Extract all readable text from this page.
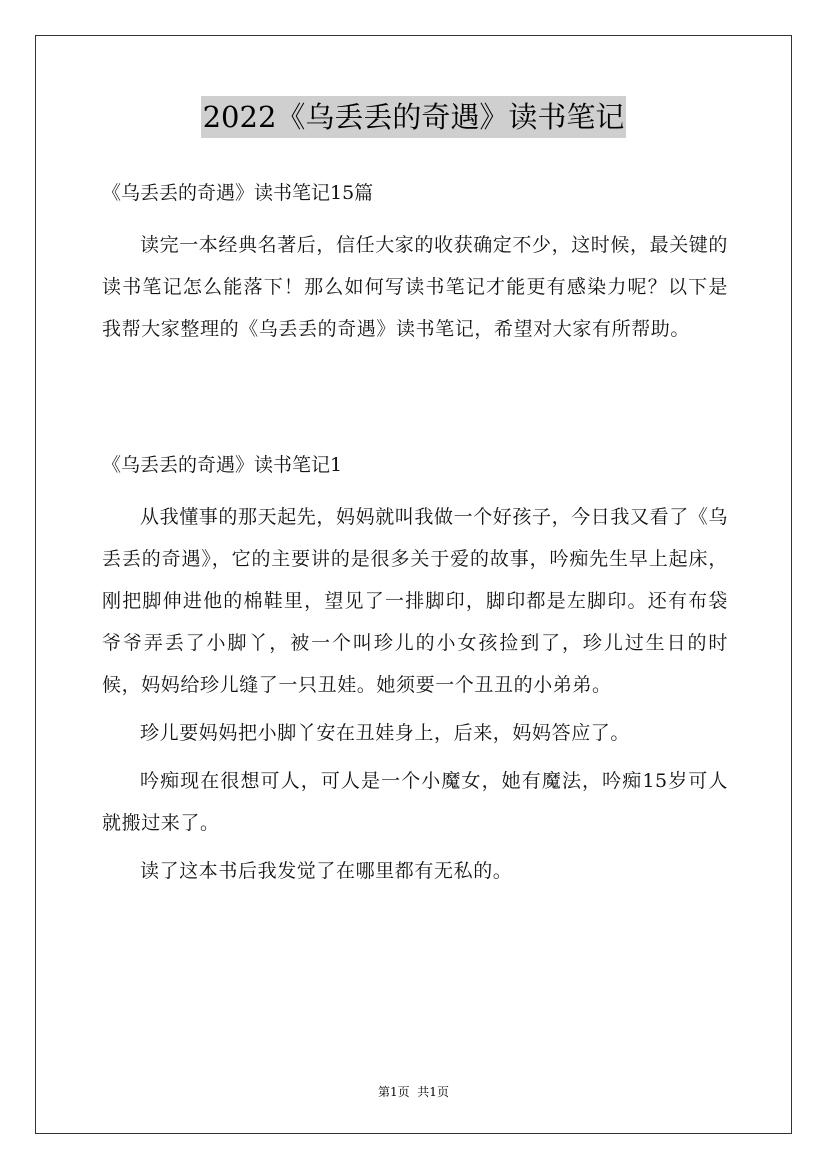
2022《乌丢丢的奇遇》读书笔记

《乌丢丢的奇遇》读书笔记15篇

读完一本经典名著后，信任大家的收获确定不少，这时候，最关键的读书笔记怎么能落下！那么如何写读书笔记才能更有感染力呢？以下是我帮大家整理的《乌丢丢的奇遇》读书笔记，希望对大家有所帮助。

《乌丢丢的奇遇》读书笔记1

从我懂事的那天起先，妈妈就叫我做一个好孩子，今日我又看了《乌丢丢的奇遇》，它的主要讲的是很多关于爱的故事，吟痴先生早上起床，刚把脚伸进他的棉鞋里，望见了一排脚印，脚印都是左脚印。还有布袋爷爷弄丢了小脚丫，被一个叫珍儿的小女孩捡到了，珍儿过生日的时候，妈妈给珍儿缝了一只丑娃。她须要一个丑丑的小弟弟。

珍儿要妈妈把小脚丫安在丑娃身上，后来，妈妈答应了。

吟痴现在很想可人，可人是一个小魔女，她有魔法，吟痴15岁可人就搬过来了。

读了这本书后我发觉了在哪里都有无私的。

第1页  共1页
